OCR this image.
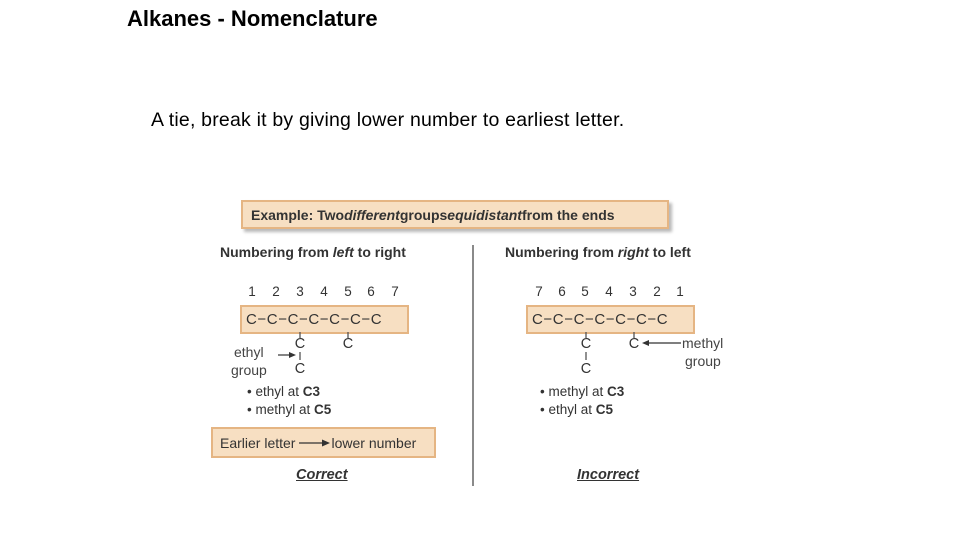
Alkanes - Nomenclature
A tie, break it by giving lower number to earliest letter.
Example: Two different groups equidistant from the ends
Numbering from left to right
1	2	3	4	5	6	7
C−C−C−C−C−C−C
C	C
C
ethyl
group
• ethyl at C3
• methyl at C5
Earlier letter	lower number
Correct
Numbering from right to left
7	6	5	4	3	2	1
C−C−C−C−C−C−C
C	C
C
methyl
group
• methyl at C3
• ethyl at C5
Incorrect
